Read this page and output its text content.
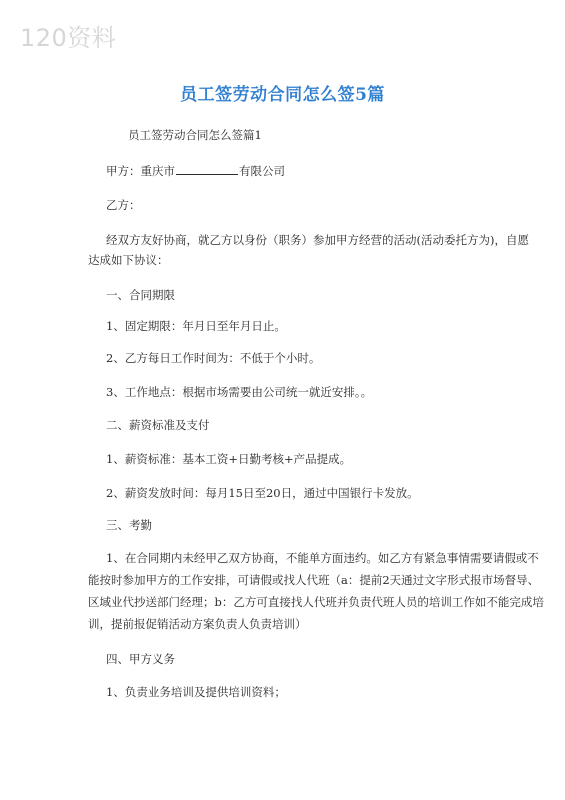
120资料
员工签劳动合同怎么签5篇
员工签劳动合同怎么签篇1
甲方：重庆市	有限公司
乙方：
经双方友好协商，就乙方以身份（职务）参加甲方经营的活动(活动委托方为)，自愿
达成如下协议：
一、合同期限
1、固定期限：年月日至年月日止。
2、乙方每日工作时间为：不低于个小时。
3、工作地点：根据市场需要由公司统一就近安排。。
二、薪资标准及支付
1、薪资标准：基本工资+日勤考核+产品提成。
2、薪资发放时间：每月15日至20日，通过中国银行卡发放。
三、考勤
1、在合同期内未经甲乙双方协商，不能单方面违约。如乙方有紧急事情需要请假或不
能按时参加甲方的工作安排，可请假或找人代班（a：提前2天通过文字形式报市场督导、
区域业代抄送部门经理；b：乙方可直接找人代班并负责代班人员的培训工作如不能完成培
训，提前报促销活动方案负责人负责培训）
四、甲方义务
1、负责业务培训及提供培训资料；
